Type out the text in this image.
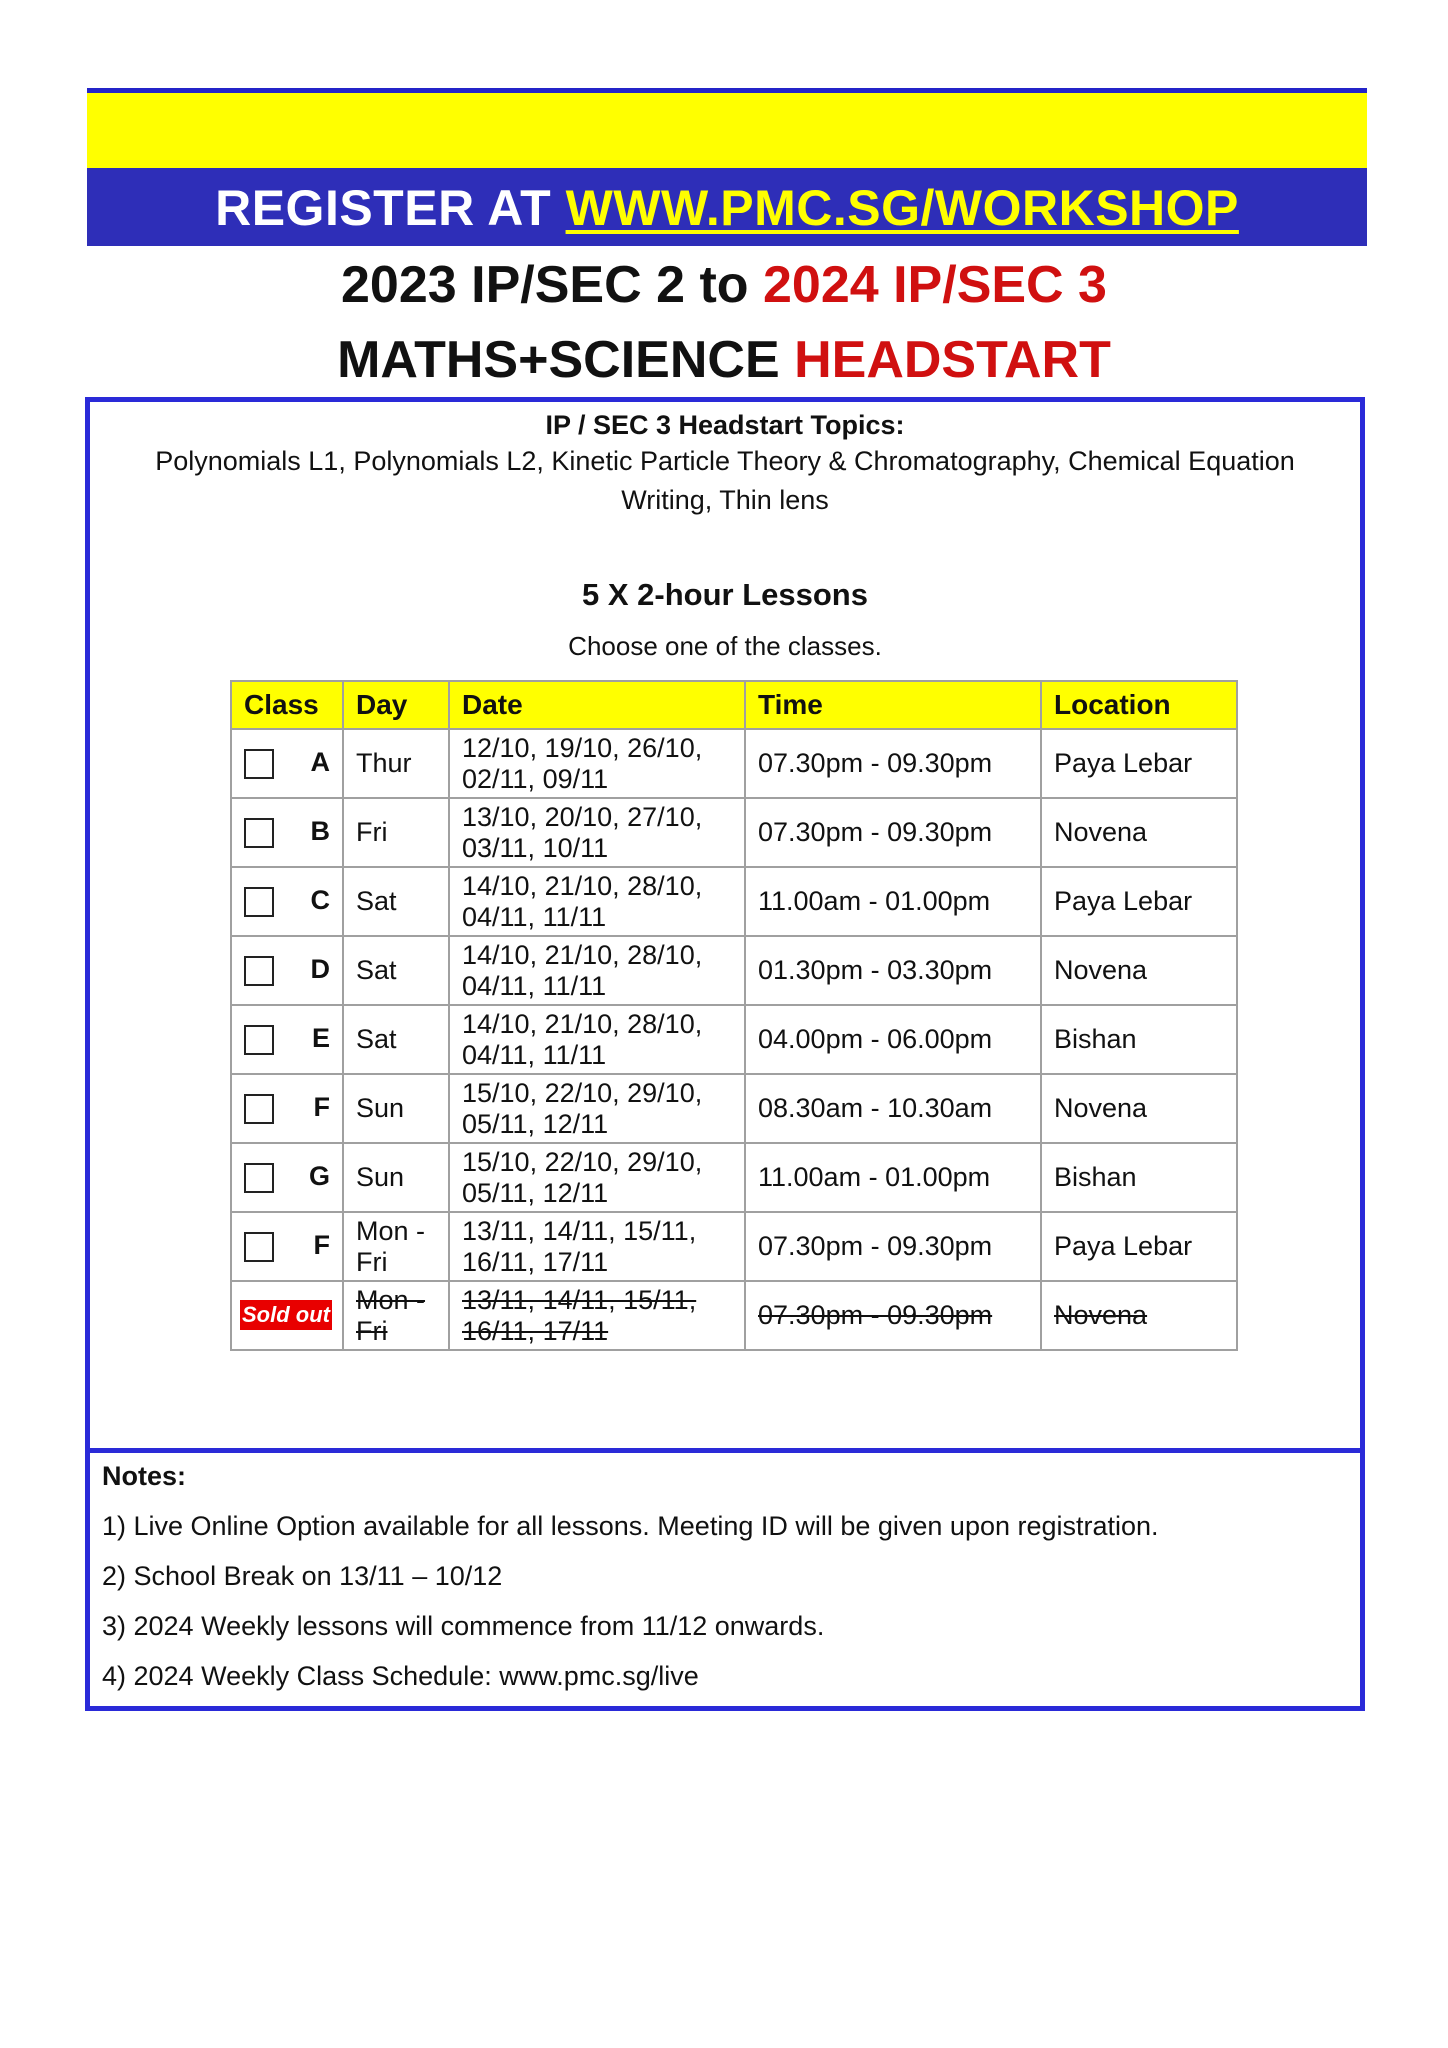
REGISTER AT WWW.PMC.SG/WORKSHOP
2023 IP/SEC 2 to 2024 IP/SEC 3
MATHS+SCIENCE HEADSTART
IP / SEC 3 Headstart Topics:
Polynomials L1, Polynomials L2, Kinetic Particle Theory & Chromatography, Chemical Equation Writing, Thin lens
5 X 2-hour Lessons
Choose one of the classes.
Class	Day	Date	Time	Location

A	Thur	12/10, 19/10, 26/10,
02/11, 09/11	07.30pm - 09.30pm	Paya Lebar

B	Fri	13/10, 20/10, 27/10,
03/11, 10/11	07.30pm - 09.30pm	Novena

C	Sat	14/10, 21/10, 28/10,
04/11, 11/11	11.00am - 01.00pm	Paya Lebar

D	Sat	14/10, 21/10, 28/10,
04/11, 11/11	01.30pm - 03.30pm	Novena

E	Sat	14/10, 21/10, 28/10,
04/11, 11/11	04.00pm - 06.00pm	Bishan

F	Sun	15/10, 22/10, 29/10,
05/11, 12/11	08.30am - 10.30am	Novena

G	Sun	15/10, 22/10, 29/10,
05/11, 12/11	11.00am - 01.00pm	Bishan

F	Mon -
Fri	13/11, 14/11, 15/11,
16/11, 17/11	07.30pm - 09.30pm	Paya Lebar

Sold out	Mon -
Fri	13/11, 14/11, 15/11,
16/11, 17/11	07.30pm - 09.30pm	Novena
Notes:
1) Live Online Option available for all lessons. Meeting ID will be given upon registration.
2) School Break on 13/11 – 10/12
3) 2024 Weekly lessons will commence from 11/12 onwards.
4) 2024 Weekly Class Schedule: www.pmc.sg/live
